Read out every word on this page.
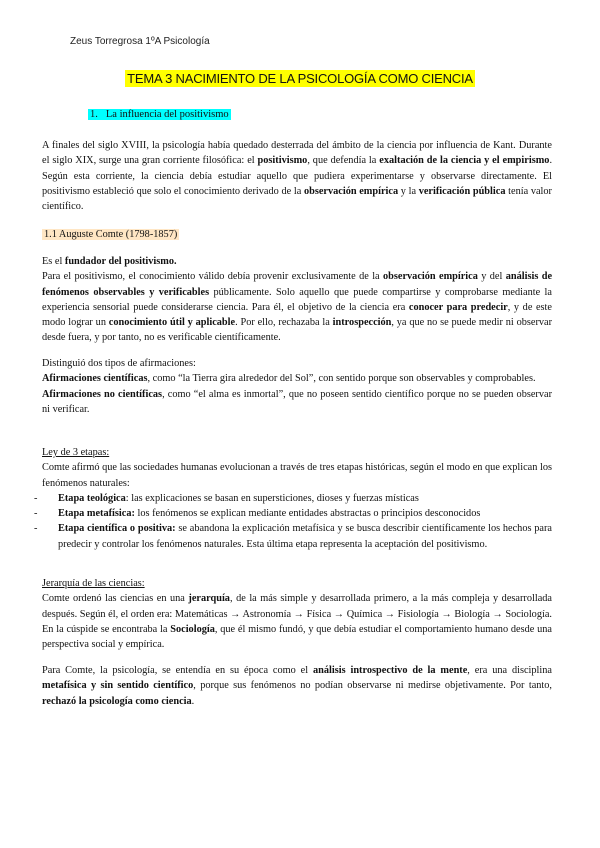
Zeus Torregrosa 1ºA Psicología
TEMA 3 NACIMIENTO DE LA PSICOLOGÍA COMO CIENCIA
1. La influencia del positivismo

A finales del siglo XVIII, la psicología había quedado desterrada del ámbito de la ciencia por influencia de Kant. Durante el siglo XIX, surge una gran corriente filosófica: el positivismo, que defendía la exaltación de la ciencia y el empirismo. Según esta corriente, la ciencia debía estudiar aquello que pudiera experimentarse y observarse directamente. El positivismo estableció que solo el conocimiento derivado de la observación empírica y la verificación pública tenía valor científico.

1.1 Auguste Comte (1798-1857)

Es el fundador del positivismo.

Para el positivismo, el conocimiento válido debía provenir exclusivamente de la observación empírica y del análisis de fenómenos observables y verificables públicamente. Solo aquello que puede compartirse y comprobarse mediante la experiencia sensorial puede considerarse ciencia. Para él, el objetivo de la ciencia era conocer para predecir, y de este modo lograr un conocimiento útil y aplicable. Por ello, rechazaba la introspección, ya que no se puede medir ni observar desde fuera, y por tanto, no es verificable científicamente.

Distinguió dos tipos de afirmaciones:

Afirmaciones científicas, como “la Tierra gira alrededor del Sol”, con sentido porque son observables y comprobables.

Afirmaciones no científicas, como “el alma es inmortal”, que no poseen sentido científico porque no se pueden observar ni verificar.

Ley de 3 etapas:

Comte afirmó que las sociedades humanas evolucionan a través de tres etapas históricas, según el modo en que explican los fenómenos naturales:

- Etapa teológica: las explicaciones se basan en supersticiones, dioses y fuerzas místicas
- Etapa metafísica: los fenómenos se explican mediante entidades abstractas o principios desconocidos
- Etapa científica o positiva: se abandona la explicación metafísica y se busca describir científicamente los hechos para predecir y controlar los fenómenos naturales. Esta última etapa representa la aceptación del positivismo.

Jerarquía de las ciencias:

Comte ordenó las ciencias en una jerarquía, de la más simple y desarrollada primero, a la más compleja y desarrollada después. Según él, el orden era: Matemáticas → Astronomía → Física → Química → Fisiología → Biología → Sociología. En la cúspide se encontraba la Sociología, que él mismo fundó, y que debía estudiar el comportamiento humano desde una perspectiva social y empírica.

Para Comte, la psicología, se entendía en su época como el análisis introspectivo de la mente, era una disciplina metafísica y sin sentido científico, porque sus fenómenos no podían observarse ni medirse objetivamente. Por tanto, rechazó la psicología como ciencia.
